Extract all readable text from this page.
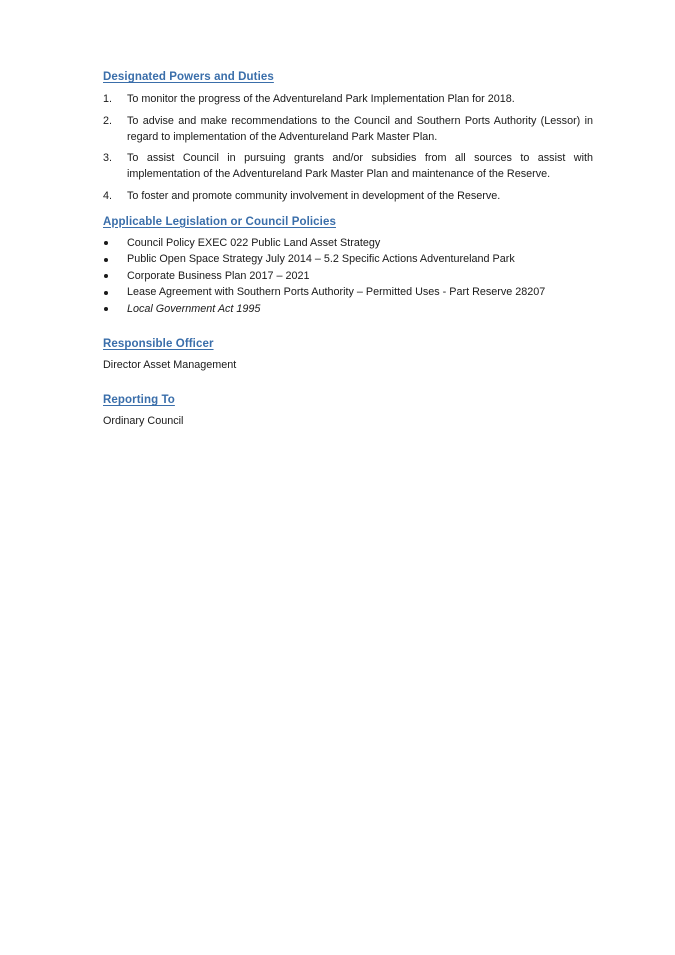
Designated Powers and Duties
1. To monitor the progress of the Adventureland Park Implementation Plan for 2018.
2. To advise and make recommendations to the Council and Southern Ports Authority (Lessor) in regard to implementation of the Adventureland Park Master Plan.
3. To assist Council in pursuing grants and/or subsidies from all sources to assist with implementation of the Adventureland Park Master Plan and maintenance of the Reserve.
4. To foster and promote community involvement in development of the Reserve.
Applicable Legislation or Council Policies
Council Policy EXEC 022 Public Land Asset Strategy
Public Open Space Strategy July 2014 – 5.2 Specific Actions Adventureland Park
Corporate Business Plan 2017 – 2021
Lease Agreement with Southern Ports Authority – Permitted Uses - Part Reserve 28207
Local Government Act 1995
Responsible Officer
Director Asset Management
Reporting To
Ordinary Council
